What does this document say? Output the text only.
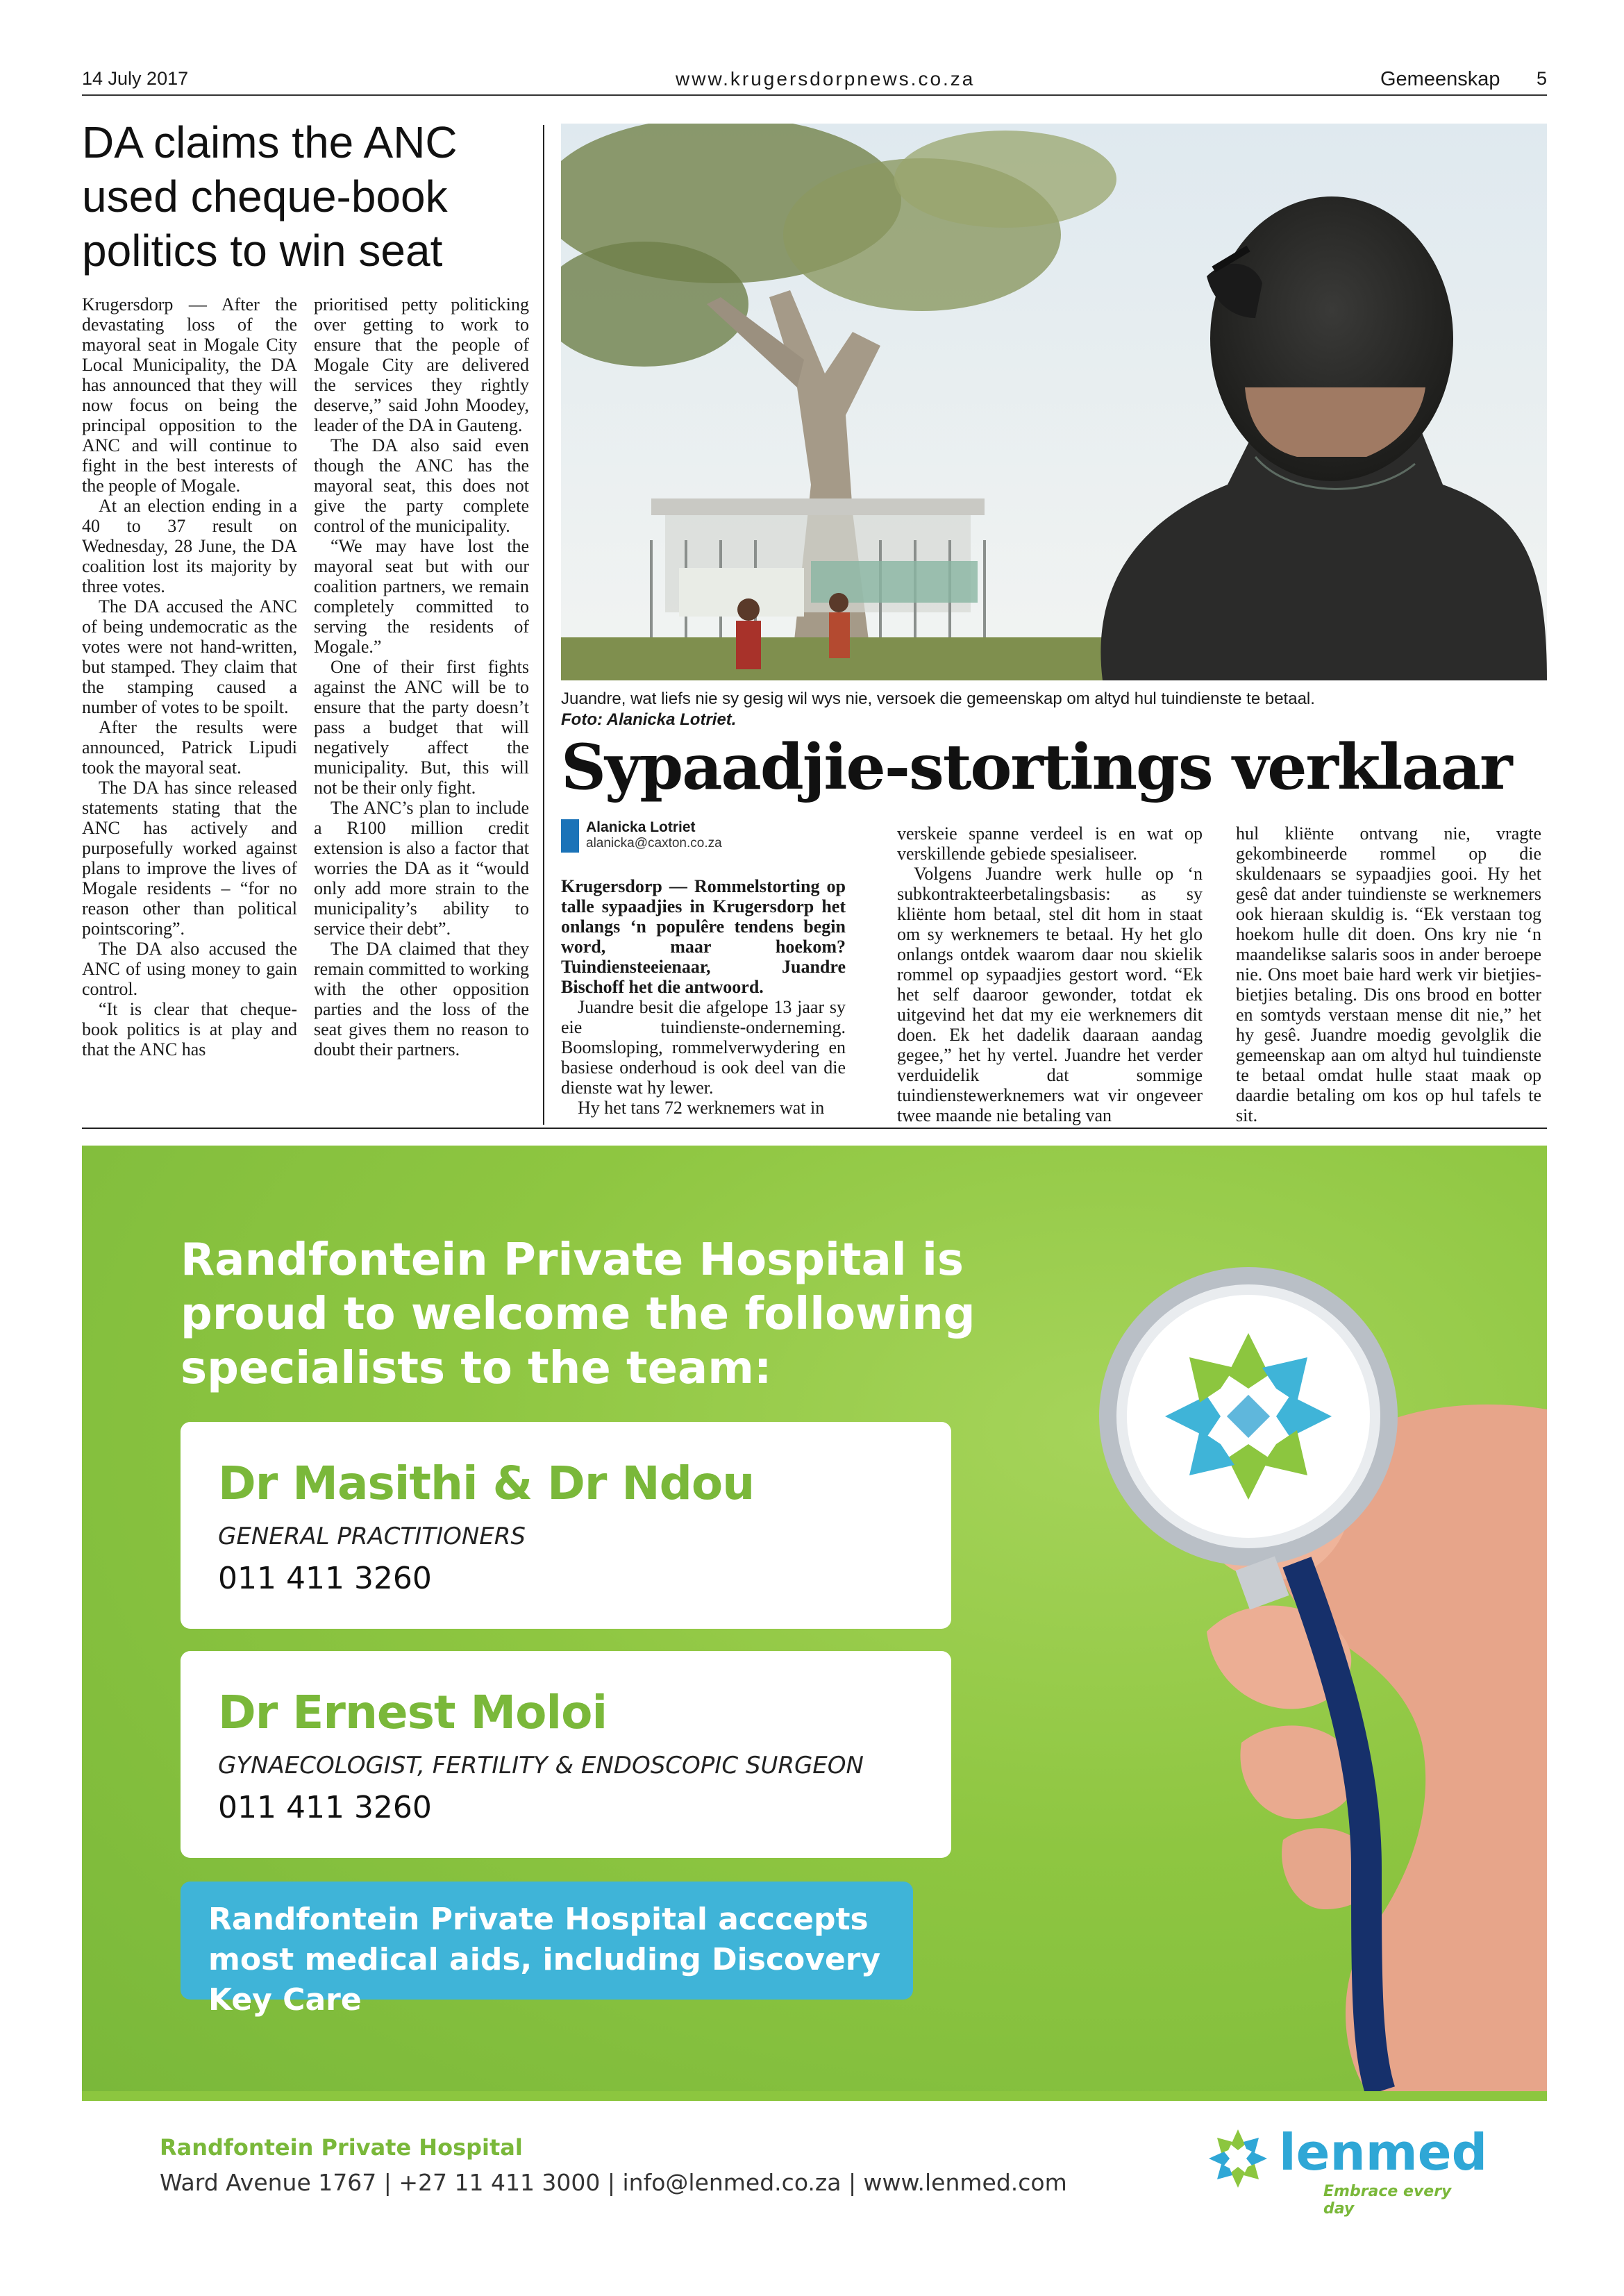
14 July 2017	www.krugersdorpnews.co.za	Gemeenskap 5
DA claims the ANC used cheque-book politics to win seat

Krugersdorp — After the devastating loss of the mayoral seat in Mogale City Local Municipality, the DA has announced that they will now focus on being the principal opposition to the ANC and will continue to fight in the best interests of the people of Mogale.

At an election ending in a 40 to 37 result on Wednesday, 28 June, the DA coalition lost its majority by three votes.

The DA accused the ANC of being undemocratic as the votes were not hand-written, but stamped. They claim that the stamping caused a number of votes to be spoilt.

After the results were announced, Patrick Lipudi took the mayoral seat.

The DA has since released statements stating that the ANC has actively and purposefully worked against plans to improve the lives of Mogale residents – “for no reason other than political pointscoring”.

The DA also accused the ANC of using money to gain control.

“It is clear that cheque-book politics is at play and that the ANC has

prioritised petty politicking over getting to work to ensure that the people of Mogale City are delivered the services they rightly deserve,” said John Moodey, leader of the DA in Gauteng.

The DA also said even though the ANC has the mayoral seat, this does not give the party complete control of the municipality.

“We may have lost the mayoral seat but with our coalition partners, we remain completely committed to serving the residents of Mogale.”

One of their first fights against the ANC will be to ensure that the party doesn’t pass a budget that will negatively affect the municipality. But, this will not be their only fight.

The ANC’s plan to include a R100 million credit extension is also a factor that worries the DA as it “would only add more strain to the municipality’s ability to service their debt”.

The DA claimed that they remain committed to working with the other opposition parties and the loss of the seat gives them no reason to doubt their partners.

Juandre, wat liefs nie sy gesig wil wys nie, versoek die gemeenskap om altyd hul tuindienste te betaal.
Foto: Alanicka Lotriet.
Sypaadjie-stortings verklaar
Alanicka Lotriet
alanicka@caxton.co.za

Krugersdorp — Rommelstorting op talle sypaadjies in Krugersdorp het onlangs ‘n populêre tendens begin word, maar hoekom? Tuindiensteeienaar, Juandre Bischoff het die antwoord.

Juandre besit die afgelope 13 jaar sy eie tuindienste-onderneming. Boomsloping, rommelverwydering en basiese onderhoud is ook deel van die dienste wat hy lewer.

Hy het tans 72 werknemers wat in

verskeie spanne verdeel is en wat op verskillende gebiede spesialiseer.

Volgens Juandre werk hulle op ‘n subkontrakteerbetalingsbasis: as sy kliënte hom betaal, stel dit hom in staat om sy werknemers te betaal. Hy het glo onlangs ontdek waarom daar nou skielik rommel op sypaadjies gestort word. “Ek het self daaroor gewonder, totdat ek uitgevind het dat my eie werknemers dit doen. Ek het dadelik daaraan aandag gegee,” het hy vertel. Juandre het verder verduidelik dat sommige tuindienstewerknemers wat vir ongeveer twee maande nie betaling van

hul kliënte ontvang nie, vragte gekombineerde rommel op die skuldenaars se sypaadjies gooi. Hy het gesê dat ander tuindienste se werknemers ook hieraan skuldig is. “Ek verstaan tog hoekom hulle dit doen. Ons kry nie ‘n maandelikse salaris soos in ander beroepe nie. Ons moet baie hard werk vir bietjies-bietjies betaling. Dis ons brood en botter en somtyds verstaan mense dit nie,” het hy gesê. Juandre moedig gevolglik die gemeenskap aan om altyd hul tuindienste te betaal omdat hulle staat maak op daardie betaling om kos op hul tafels te sit.

Randfontein Private Hospital is proud to welcome the following specialists to the team:
Dr Masithi & Dr Ndou
GENERAL PRACTITIONERS
011 411 3260
Dr Ernest Moloi
GYNAECOLOGIST, FERTILITY & ENDOSCOPIC SURGEON
011 411 3260
Randfontein Private Hospital acccepts most medical aids, including Discovery Key Care
Randfontein Private Hospital
Ward Avenue 1767 | +27 11 411 3000 | info@lenmed.co.za | www.lenmed.com
lenmed
Embrace every day
